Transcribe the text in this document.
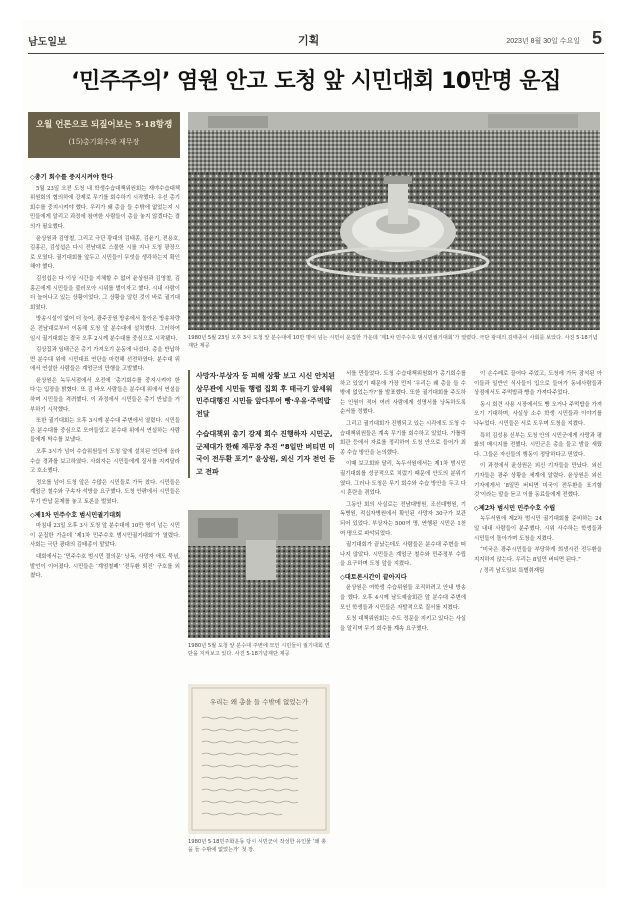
남도일보	기획	2023년 8월 30일 수요일 5
‘민주주의’ 염원 안고 도청 앞 시민대회 10만명 운집
오월 언론으로 되짚어보는 5·18항쟁
(15)총기회수와 재무장
◇총기 회수를 중지시켜야 한다

5월 23일 오전 도청 내 학생수습대책위원회는 재야수습대책위원회의 협의하에 강제로 무기를 회수하기 시작했다. 우선 총기 회수를 중지시켜야 했다. 우리가 왜 총을 들 수밖에 없었는지 시민들에게 알리고 과정에 참여한 사람들이 총을 놓지 않겠다는 결의가 필요했다.

윤상원과 김영철, 그리고 극단 광대의 김태종, 김윤기, 전용호, 김홍곤, 김성섭은 다시 전남대로 스물한 시를 지나 도청 광장으로 모였다. 궐기대회를 앞두고 시민들이 무엇을 생각하는지 확인해야 했다.

김성섭은 다 이상 시간을 지체할 수 없어 윤상원과 김영철, 김홍곤에게 시민들을 불러모아 시위를 벌이자고 했다. 시내 사람이 더 늘어나고 있는 상황이었다. 그 상황을 알린 것이 바로 궐기대회였다.

방송시설이 없어 더 늦어, 광주공원 방송에서 돌아온 방송차량은 전남대로부터 이동해 도청 앞 분수대에 설치했다. 그러하여 임시 궐기대회는 결국 오후 2시께 분수대를 중심으로 시작됐다.

김상집과 임태근은 총기 가져오기 운동에 나섰다. 총을 반납하면 분수대 위에 시민대표 연단을 마련해 선전하였다. 분수대 위에서 연설한 사람들은 계엄군의 만행을 고발했다.

윤상원은 녹두서점에서 오전에 ‘총기회수를 중지시켜야 한다’는 입장을 밝혔다. 또 김 바오 사람들은 분수대 위에서 연설을 하며 시민들을 격려했다. 이 과정에서 시민들은 총기 반납을 거부하기 시작했다.

또한 궐기대회는 오후 3시께 분수대 주변에서 열렸다. 시민들은 분수대를 중심으로 모여들었고 분수대 위에서 연설하는 사람들에게 박수를 보냈다.

오후 3시가 넘어 수습위원들이 도청 앞에 설치된 연단에 올라 수습 경과를 보고하였다. 사회자는 시민들에게 질서를 지켜달라고 호소했다.

정오를 넘어 도청 앞은 수많은 시민들로 가득 찼다. 시민들은 계엄군 철수와 구속자 석방을 요구했다. 도청 안팎에서 시민들은 무기 반납 문제를 놓고 토론을 벌였다.

◇제1차 민주수호 범시민궐기대회

마침내 23일 오후 3시 도청 앞 분수대에 10만 명이 넘는 시민이 운집한 가운데 ‘제1차 민주수호 범시민궐기대회’가 열렸다. 사회는 극단 광대의 김태종이 맡았다.

대회에서는 ‘민주수호 범시민 결의문’ 낭독, 사망자 애도 묵념, 발언이 이어졌다. 시민들은 ‘계엄철폐’ ‘전두환 퇴진’ 구호를 외쳤다.

1980년 5월 23일 오후 3시 도청 앞 분수대에 10만 명이 넘는 시민이 운집한 가운데 ‘제1차 민주수호 범시민궐기대회’가 열렸다. 극단 광대의 김태종이 사회를 보았다. 사진 5·18기념재단 제공
사망자·부상자 등 피해 상황 보고 시신 안치된 상무관에 시민들 행렬 집회 후 태극기 앞세워 민주대행진 시민들 앞다투어 빵·우유·주먹밥 전달
수습대책위 총기 강제 회수 진행하자 시민군, 군제대가 한해 재무장 추진 “8일만 버티면 미국이 전두환 포기” 윤상원, 외신 기자 전언 듣고 전파
1980년 5월 도청 앞 분수대 주변에 모인 시민들이 궐기대회 연단을 지켜보고 있다. 사진 5·18기념재단 제공
우리는 왜 총을 들 수밖에 없었는가
1980년 5·18민주화운동 당시 시민군이 작성한 유인물 ‘왜 총을 들 수밖에 없었는가’ 첫 장.

서를 만들었다. 도청 수습대책위원회가 총기회수를 하고 있었기 때문에 가장 먼저 ‘우리는 왜 총을 들 수밖에 없었는가?’를 발표했다. 또한 궐기대회를 주도하는 인원이 적어 여러 사람에게 성명서를 낭독하도록 순서를 정했다.

그리고 궐기대회가 진행되고 있는 시각에도 도청 수습대책위원들은 계속 무기를 회수하고 있었다. 가톨릭 회관 등에서 자료를 정리하여 도청 안으로 들어가 최종 수습 방안을 논의했다.

이때 보고회와 달리, 녹두서원에서는 제1차 범시민궐기대회를 성공적으로 치렀기 때문에 안도의 분위기였다. 그러나 도청은 무기 회수와 수습 방안을 두고 다시 혼란을 겪었다.

그동안 회의 사실로는 전남대병원, 조선대병원, 기독병원, 적십자병원에서 확인된 사망자 30구가 보관 되어 있었다. 부상자는 500여 명, 연행된 시민은 1천여 명으로 파악되었다.

궐기대회가 끝났는데도 사람들은 분수대 주변을 떠나지 않았다. 시민들은 계엄군 철수와 민주정부 수립을 요구하며 도청 앞을 지켰다.

◇대토론시간이 끝아지다

윤상원은 여학생 수습위원들 조직하려고 안내 방송을 했다. 오후 4시께 남도예술회관 앞 분수대 주변에 모인 학생들과 시민들은 자발적으로 질서를 지켰다.

도청 대책위원회는 수도 정문을 지키고 있다는 사실을 알리며 무기 회수를 계속 요구했다.

이 손수레로 끌어다 주었고, 도청에 가득 잠석된 아이들과 일반인 식사들이 입으로 들어가 동네사람들과 상점에서도 주먹밥과 빵을 가져다주었다.

동시 회견 사용 시장에서도 빵 오거나 주먹밥을 가져오기 기대하며, 사실상 소수 학생 시민들과 이야기를 나누었다. 시민들은 서로 도우며 도청을 지켰다.

특히 김성용 신부는 도청 안의 시민군에게 사랑과 평화의 메시지를 전했다. 시민군은 총을 들고 밤을 새웠다. 그들은 자신들의 행동이 정당하다고 믿었다.

이 과정에서 윤상원은 외신 기자들을 만났다. 외신 기자들은 광주 상황을 세계에 알렸다. 윤상원은 외신 기자에게서 ‘8일만 버티면 미국이 전두환을 포기할 것’이라는 말을 듣고 이를 동료들에게 전했다.

◇제2차 범시민 민주수호 수립

녹두서원에 제2차 범시민 궐기대회를 준비하는 24일 내내 사람들이 분주했다. 시위 사수하는 학생들과 시민들이 돌아가며 도청을 지켰다.

“미국은 광주시민들을 부당하게 희생시킨 전두환을 지지하지 않는다. 우리는 8일만 버티면 된다.”

/ 정리 남도일보 특별취재팀
